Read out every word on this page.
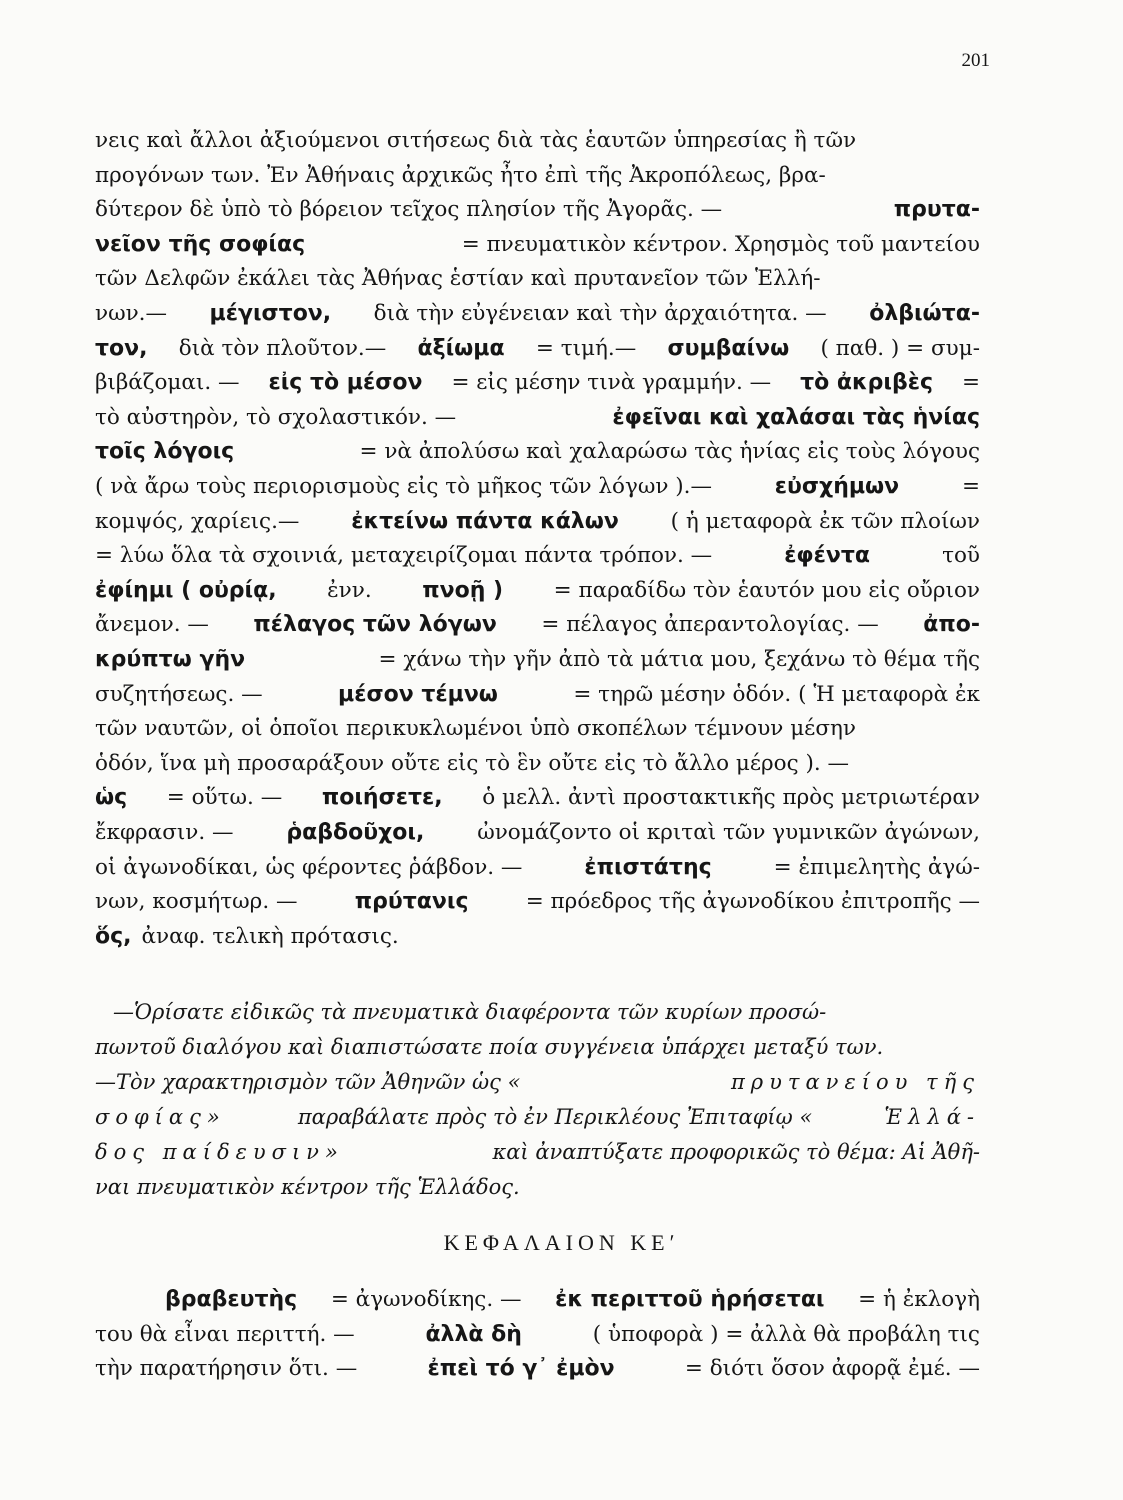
201
νεις καὶ ἄλλοι ἀξιούμενοι σιτήσεως διὰ τὰς ἑαυτῶν ὑπηρεσίας ἢ τῶν
προγόνων των. Ἐν Ἀθήναις ἀρχικῶς ἦτο ἐπὶ τῆς Ἀκροπόλεως, βρα-
δύτερον δὲ ὑπὸ τὸ βόρειον τεῖχος πλησίον τῆς Ἀγορᾶς. —	πρυτα-
νεῖον τῆς σοφίας	= πνευματικὸν κέντρον. Χρησμὸς τοῦ μαντείου
τῶν Δελφῶν ἐκάλει τὰς Ἀθήνας ἑστίαν καὶ πρυτανεῖον τῶν Ἑλλή-
νων.— μέγιστον, διὰ τὴν εὐγένειαν καὶ τὴν ἀρχαιότητα. — ὀλβιώτα-
τον, διὰ τὸν πλοῦτον.— ἀξίωμα = τιμή.— συμβαίνω ( παθ. ) = συμ-
βιβάζομαι. — εἰς τὸ μέσον = εἰς μέσην τινὰ γραμμήν. — τὸ ἀκριβὲς =
τὸ αὐστηρὸν, τὸ σχολαστικόν. —	ἐφεῖναι καὶ χαλάσαι τὰς ἡνίας
τοῖς λόγοις	= νὰ ἀπολύσω καὶ χαλαρώσω τὰς ἡνίας εἰς τοὺς λόγους
( νὰ ἄρω τοὺς περιορισμοὺς εἰς τὸ μῆκος τῶν λόγων ).—	εὐσχήμων	=
κομψός, χαρίεις.— ἐκτείνω πάντα κάλων ( ἡ μεταφορὰ ἐκ τῶν πλοίων
= λύω ὅλα τὰ σχοινιά, μεταχειρίζομαι πάντα τρόπον. —	ἐφέντα	τοῦ
ἐφίημι ( οὐρίᾳ, ἐνν. πνοῇ ) = παραδίδω τὸν ἑαυτόν μου εἰς οὔριον
ἄνεμον. — πέλαγος τῶν λόγων = πέλαγος ἀπεραντολογίας. — ἀπο-
κρύπτω γῆν	= χάνω τὴν γῆν ἀπὸ τὰ μάτια μου, ξεχάνω τὸ θέμα τῆς
συζητήσεως. —	μέσον τέμνω	= τηρῶ μέσην ὁδόν. ( Ἡ μεταφορὰ ἐκ
τῶν ναυτῶν, οἱ ὁποῖοι περικυκλωμένοι ὑπὸ σκοπέλων τέμνουν μέσην
ὁδόν, ἵνα μὴ προσαράξουν οὔτε εἰς τὸ ἓν οὔτε εἰς τὸ ἄλλο μέρος ). —
ὡς = οὕτω. — ποιήσετε, ὁ μελλ. ἀντὶ προστακτικῆς πρὸς μετριωτέραν
ἔκφρασιν. — ῥαβδοῦχοι, ὠνομάζοντο οἱ κριταὶ τῶν γυμνικῶν ἀγώνων,
οἱ ἀγωνοδίκαι, ὡς φέροντες ῥάβδον. —	ἐπιστάτης	= ἐπιμελητὴς ἀγώ-
νων, κοσμήτωρ. —	πρύτανις	= πρόεδρος τῆς ἀγωνοδίκου ἐπιτροπῆς —
ὅς, ἀναφ. τελικὴ πρότασις.
—Ὁρίσατε εἰδικῶς τὰ πνευματικὰ διαφέροντα τῶν κυρίων προσώ-
πωντοῦ διαλόγου καὶ διαπιστώσατε ποία συγγένεια ὑπάρχει μεταξύ των.
—Τὸν χαρακτηρισμὸν τῶν Ἀθηνῶν ὡς «	πρυτανείου τῆς
σοφίας»	παραβάλατε πρὸς τὸ ἐν Περικλέους Ἐπιταφίῳ «	Ἑλλά-
δος παίδευσιν»	καὶ ἀναπτύξατε προφορικῶς τὸ θέμα: Αἱ Ἀθῆ-
ναι πνευματικὸν κέντρον τῆς Ἑλλάδος.
ΚΕΦΑΛΑΙΟΝ ΚΕʹ
βραβευτὴς = ἀγωνοδίκης. — ἐκ περιττοῦ ἡρήσεται = ἡ ἐκλογὴ
του θὰ εἶναι περιττή. —	ἀλλὰ δὴ	( ὑποφορὰ ) = ἀλλὰ θὰ προβάλη τις
τὴν παρατήρησιν ὅτι. —	ἐπεὶ τό γ᾽ ἐμὸν	= διότι ὅσον ἀφορᾷ ἐμέ. —
